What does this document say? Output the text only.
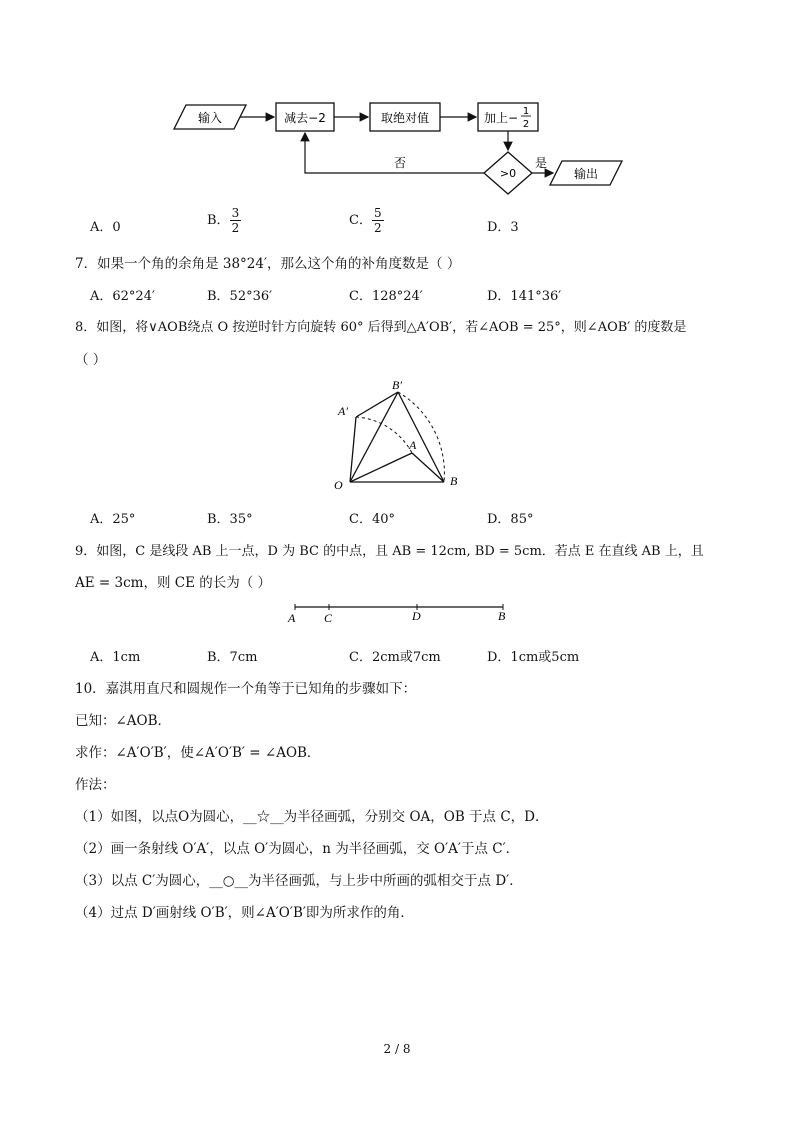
输入	减去−2	取绝对值	加上− 1
2
>0
是
输出
否
A．0	B． $\frac{3}{2}$	C． $\frac{5}{2}$	D．3
7．如果一个角的余角是 38°24′，那么这个角的补角度数是（ ）
A．62°24′	B．52°36′	C．128°24′	D．141°36′
8．如图，将∨AOB绕点 O 按逆时针方向旋转 60° 后得到△A′OB′，若∠AOB = 25°，则∠AOB′ 的度数是
（ ）
B′
A′
A
O	B
A．25°	B．35°	C．40°	D．85°
9．如图，C 是线段 AB 上一点，D 为 BC 的中点，且 AB = 12cm, BD = 5cm．若点 E 在直线 AB 上，且
AE = 3cm，则 CE 的长为（ ）
A C	D	B
A．1cm	B．7cm	C．2cm或7cm	D．1cm或5cm
10．嘉淇用直尺和圆规作一个角等于已知角的步骤如下：
已知：∠AOB．
求作：∠A′O′B′，使∠A′O′B′ = ∠AOB．
作法：
（1）如图，以点O为圆心，__☆__为半径画弧，分别交 OA，OB 于点 C，D．
（2）画一条射线 O′A′，以点 O′为圆心，n 为半径画弧，交 O′A′于点 C′．
（3）以点 C′为圆心，__○__为半径画弧，与上步中所画的弧相交于点 D′．
（4）过点 D′画射线 O′B′，则∠A′O′B′即为所求作的角．
2 / 8
